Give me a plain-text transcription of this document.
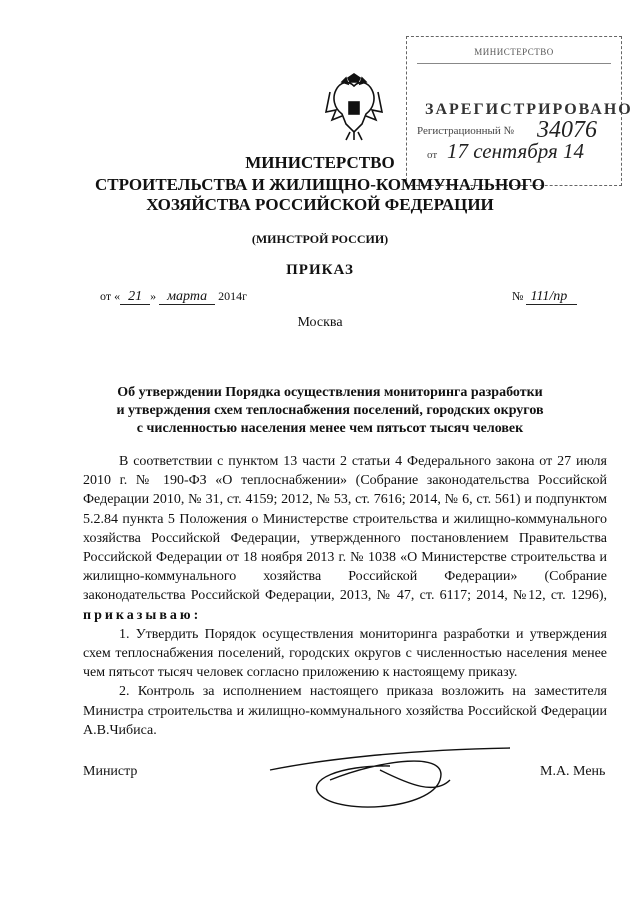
МИНИСТЕРСТВО
ЗАРЕГИСТРИРОВАНО
Регистрационный № 34076
от 17 сентября 14
МИНИСТЕРСТВО
СТРОИТЕЛЬСТВА И ЖИЛИЩНО-КОММУНАЛЬНОГО
ХОЗЯЙСТВА РОССИЙСКОЙ ФЕДЕРАЦИИ
(МИНСТРОЙ РОССИИ)
ПРИКАЗ
от « 21 » марта 2014г	№ 111/пр
Москва
Об утверждении Порядка осуществления мониторинга разработки
и утверждения схем теплоснабжения поселений, городских округов
с численностью населения менее чем пятьсот тысяч человек

В соответствии с пунктом 13 части 2 статьи 4 Федерального закона от 27 июля 2010 г. № 190-ФЗ «О теплоснабжении» (Собрание законодательства Российской Федерации 2010, № 31, ст. 4159; 2012, № 53, ст. 7616; 2014, № 6, ст. 561) и подпунктом 5.2.84 пункта 5 Положения о Министерстве строительства и жилищно-коммунального хозяйства Российской Федерации, утвержденного постановлением Правительства Российской Федерации от 18 ноября 2013 г. № 1038 «О Министерстве строительства и жилищно-коммунального хозяйства Российской Федерации» (Собрание законодательства Российской Федерации, 2013, № 47, ст. 6117; 2014, №12, ст. 1296), приказываю:

1. Утвердить Порядок осуществления мониторинга разработки и утверждения схем теплоснабжения поселений, городских округов с численностью населения менее чем пятьсот тысяч человек согласно приложению к настоящему приказу.

2. Контроль за исполнением настоящего приказа возложить на заместителя Министра строительства и жилищно-коммунального хозяйства Российской Федерации А.В.Чибиса.

Министр	М.А. Мень
